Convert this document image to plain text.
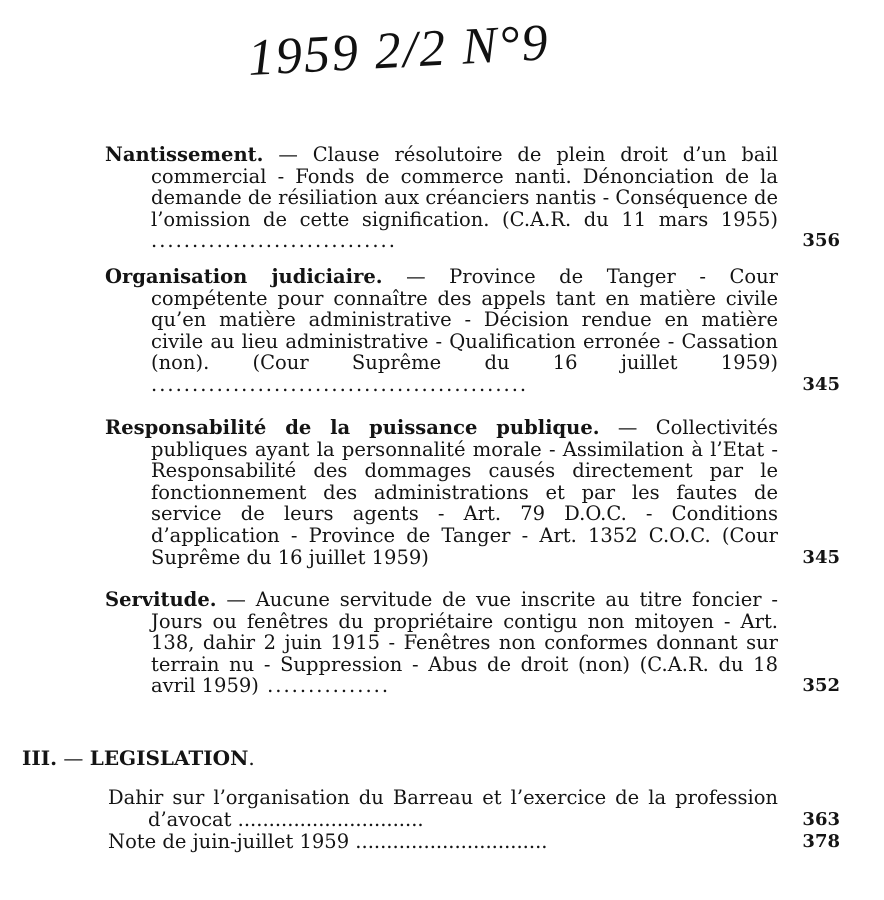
1959 2/2 N°9
Nantissement. — Clause résolutoire de plein droit d’un bail commercial - Fonds de commerce nanti. Dénonciation de la demande de résiliation aux créanciers nantis - Conséquence de l’omission de cette signification. (C.A.R. du 11 mars 1955) ..............................	356
Organisation judiciaire. — Province de Tanger - Cour compétente pour connaître des appels tant en matière civile qu’en matière administrative - Décision rendue en matière civile au lieu administrative - Qualification erronée - Cassation (non). (Cour Suprême du 16 juillet 1959) ..............................................	345
Responsabilité de la puissance publique. — Collectivités publiques ayant la personnalité morale - Assimilation à l’Etat - Responsabilité des dommages causés directement par le fonctionnement des administrations et par les fautes de service de leurs agents - Art. 79 D.O.C. - Conditions d’application - Province de Tanger - Art. 1352 C.O.C. (Cour Suprême du 16 juillet 1959)	345
Servitude. — Aucune servitude de vue inscrite au titre foncier - Jours ou fenêtres du propriétaire contigu non mitoyen - Art. 138, dahir 2 juin 1915 - Fenêtres non conformes donnant sur terrain nu - Suppression - Abus de droit (non) (C.A.R. du 18 avril 1959) ...............	352
III. — LEGISLATION.
Dahir sur l’organisation du Barreau et l’exercice de la profession d’avocat ..............................	363
Note de juin-juillet 1959 ...............................	378
